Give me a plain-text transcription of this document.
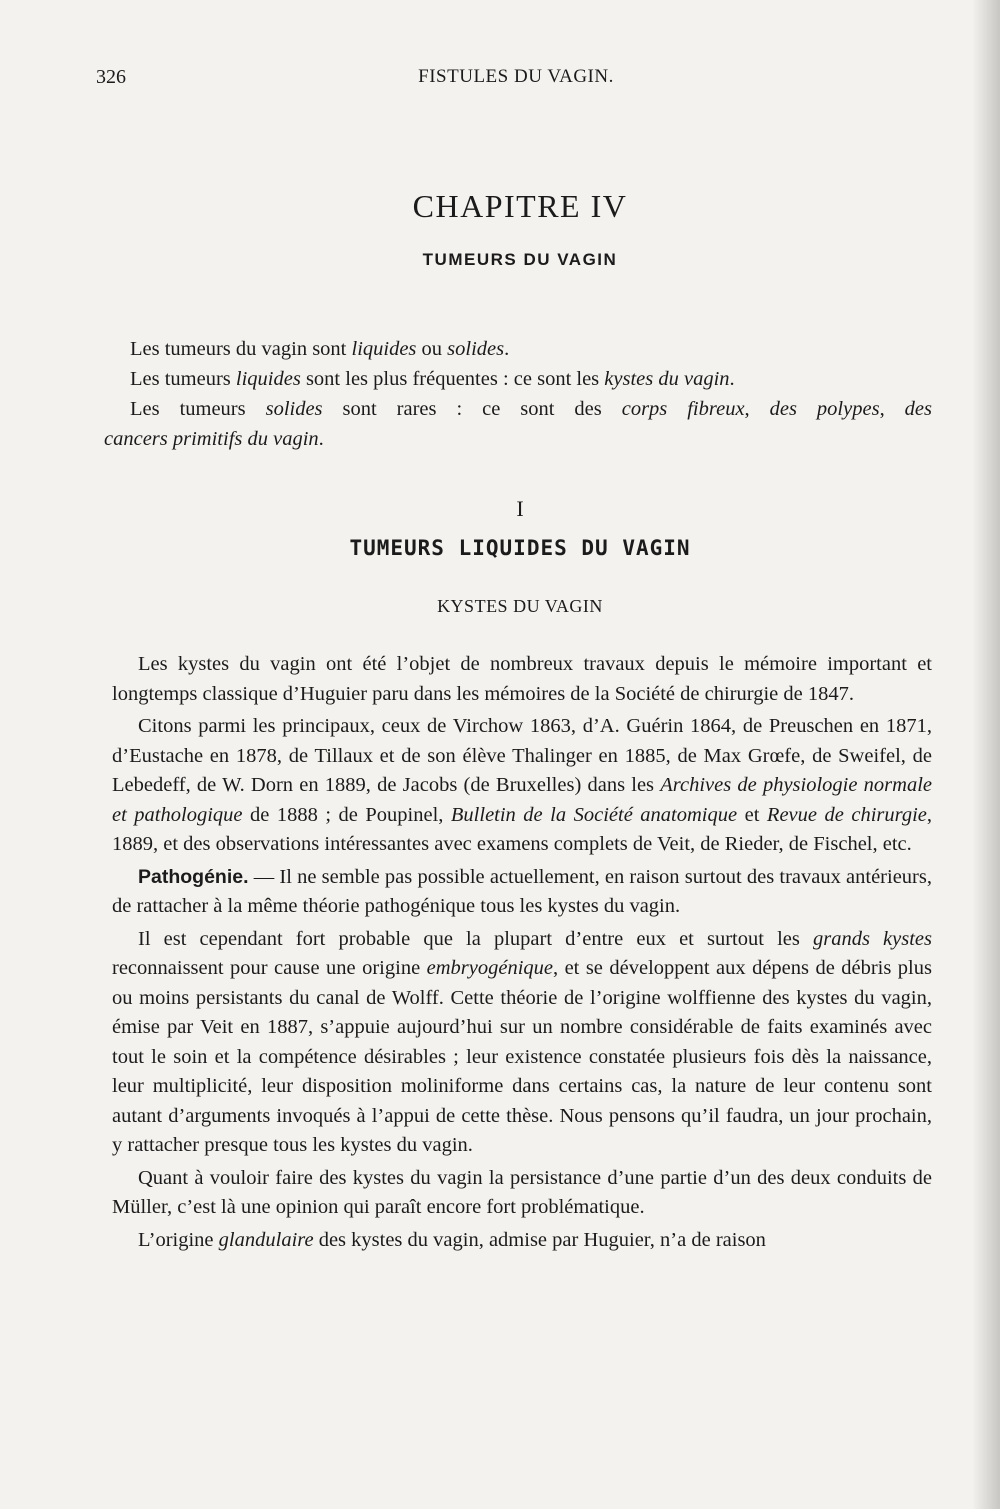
326	FISTULES DU VAGIN.
CHAPITRE IV
TUMEURS DU VAGIN
Les tumeurs du vagin sont liquides ou solides.
Les tumeurs liquides sont les plus fréquentes : ce sont les kystes du vagin.
Les tumeurs solides sont rares : ce sont des corps fibreux, des polypes, des
cancers primitifs du vagin.
I
TUMEURS LIQUIDES DU VAGIN
KYSTES DU VAGIN

Les kystes du vagin ont été l’objet de nombreux travaux depuis le mémoire important et longtemps classique d’Huguier paru dans les mémoires de la Société de chirurgie de 1847.

Citons parmi les principaux, ceux de Virchow 1863, d’A. Guérin 1864, de Preuschen en 1871, d’Eustache en 1878, de Tillaux et de son élève Thalinger en 1885, de Max Grœfe, de Sweifel, de Lebedeff, de W. Dorn en 1889, de Jacobs (de Bruxelles) dans les Archives de physiologie normale et pathologique de 1888 ; de Poupinel, Bulletin de la Société anatomique et Revue de chirurgie, 1889, et des observations intéressantes avec examens complets de Veit, de Rieder, de Fischel, etc.

Pathogénie. — Il ne semble pas possible actuellement, en raison surtout des travaux antérieurs, de rattacher à la même théorie pathogénique tous les kystes du vagin.

Il est cependant fort probable que la plupart d’entre eux et surtout les grands kystes reconnaissent pour cause une origine embryogénique, et se développent aux dépens de débris plus ou moins persistants du canal de Wolff. Cette théorie de l’origine wolffienne des kystes du vagin, émise par Veit en 1887, s’appuie aujourd’hui sur un nombre considérable de faits examinés avec tout le soin et la compétence désirables ; leur existence constatée plusieurs fois dès la naissance, leur multiplicité, leur disposition moliniforme dans certains cas, la nature de leur contenu sont autant d’arguments invoqués à l’appui de cette thèse. Nous pensons qu’il faudra, un jour prochain, y rattacher presque tous les kystes du vagin.

Quant à vouloir faire des kystes du vagin la persistance d’une partie d’un des deux conduits de Müller, c’est là une opinion qui paraît encore fort problématique.

L’origine glandulaire des kystes du vagin, admise par Huguier, n’a de raison
